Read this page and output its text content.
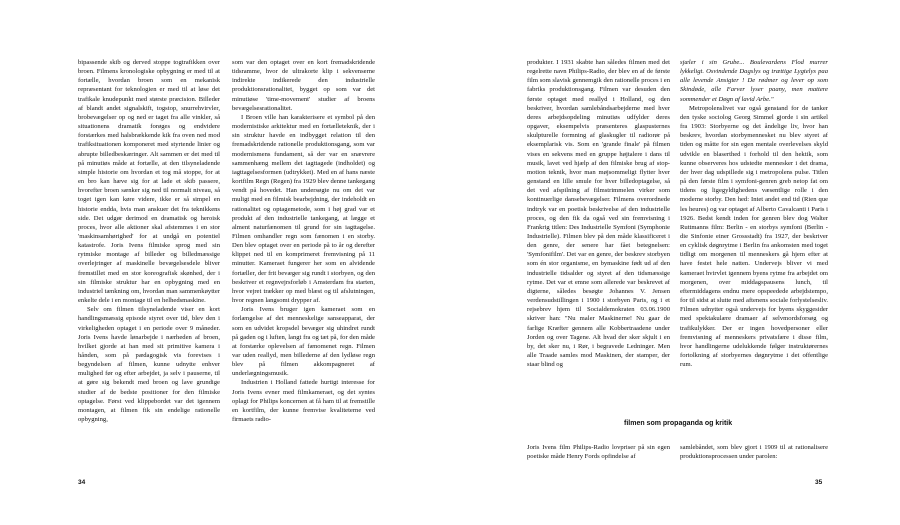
bipassende skib og derved stoppe togtrafikken over broen. Filmens kronologiske opbygning er med til at fortælle, hvordan broen som en mekanisk repræsentant for teknologien er med til at løse det trafikale knudepunkt med største præcision. Billeder af blandt andet signalskift, togstop, snurrehvirvler, brobevægelser op og ned er taget fra alle vinkler, så situationens dramatik forøges og endvidere forstærkes med halsbrækkende kik fra oven ned mod trafiksituationen komponeret med styrtende linier og abrupte billedbeskæringer. Alt sammen er det med til på minutiøs måde at fortælle, at den tilsyneladende simple historie om hvordan et tog må stoppe, for at en bro kan hæve sig for at lade et skib passere, hvorefter broen sænker sig ned til normalt niveau, så toget igen kan køre videre, ikke er så simpel en historie endda, hvis man anskuer det fra teknikkens side. Det udgør derimod en dramatisk og heroisk proces, hvor alle aktioner skal afstemmes i en stor 'maskinsamhørighed' for at undgå en potentiel katastrofe. Joris Ivens filmiske sprog med sin rytmiske montage af billeder og billedmæssige overlejringer af maskinelle bevægelsesdele bliver fremstillet med en stor koreografisk skønhed, der i sin filmiske struktur har en opbygning med en industriel tænkning om, hvordan man sammenkøytter enkelte dele i en montage til en helhedsmaskine.

Selv om filmen tilsyneladende viser en kort handlingsmæssig episode styret over tid, blev den i virkeligheden optaget i en periode over 9 måneder. Joris Ivens havde lønarbejde i nærheden af broen, hvilket gjorde at han med sit primitive kamera i hånden, som på pædagogisk vis forevises i begyndelsen af filmen, kunne udnytte enhver mulighed før og efter arbejdet, ja selv i pauserne, til at gøre sig bekendt med broen og lave grundige studier af de bedste positioner for den filmiske optagelse. Først ved klippebordet var det igennem montagen, at filmen fik sin endelige rationelle opbygning,

som var den optaget over en kort fremadskridende tidsramme, hvor de ultrakorte klip i sekvenserne indirekte indikerede den industrielle produktionsrationalitet, bygget op som var det minutiøse 'time-movement' studier af broens bevægelsesrationalitet.

I Broen ville han karakterisere et symbol på den modernistiske arkitektur med en fortælleteknik, der i sin struktur havde en indbygget relation til den fremadskridende rationelle produktionsgang, som var modernismens fundament, så der var en snævrere sammenhæng mellem det iagttagede (indholdet) og iagttagelsesformen (udtrykket). Med en af hans næste kortfilm Regn (Regen) fra 1929 blev denne tankegang vendt på hovedet. Han undersøgte nu om det var muligt med en filmisk bearbejdning, der indeholdt en rationalitet og optagemetode, som i høj grad var et produkt af den industrielle tankegang, at lægge et alment naturfænomen til grund for sin iagttagelse. Filmen omhandler regn som fænomen i en storby. Den blev optaget over en periode på to år og derefter klippet ned til en komprimeret fremvisning på 11 minutter. Kameraet fungerer her som en alvidende fortæller, der frit bevæger sig rundt i storbyen, og den beskriver et regnvejrsforløb i Amsterdam fra starten, hvor vejret trækker op med blæst og til afslutningen, hvor regnen langsomt drypper af.

Joris Ivens bruger igen kameraet som en forlængelse af det menneskelige sanseapparat, der som en udvidet kropsdel bevæger sig uhindret rundt på gaden og i luften, langt fra og tæt på, for den måde at forstærke oplevelsen af fænomenet regn. Filmen var uden reallyd, men billederne af den lydløse regn blev på filmen akkompagneret af underlægningsmusik.

Industrien i Holland fattede hurtigt interesse for Joris Ivens evner med filmkameraet, og det syntes oplagt for Philips koncernen at få ham til at fremstille en kortfilm, der kunne fremvise kvaliteterne ved firmaets radio-

34

produkter. I 1931 skabte han således filmen med det regelrette navn Philips-Radio, der blev en af de første film som slavisk gennemgik den rationelle proces i en fabriks produktionsgang. Filmen var desuden den første optaget med reallyd i Holland, og den beskriver, hvordan samlebåndsarbejderne med hver deres arbejdsopdeling minutiøs udfylder deres opgaver, eksempelvis præsenteres glaspusternes skulpturelle formning af glaskugler til radiorør på eksemplarisk vis. Som en 'grande finale' på filmen vises en sekvens med en gruppe højtalere i dans til musik, lavet ved hjælp af den filmiske brug af stop-motion teknik, hvor man møjsommeligt flytter hver genstand en lille smule for hver billedoptagelse, så det ved afspilning af filmstrimmelen virker som kontinuerlige dansebevægelser. Filmens overordnede indtryk var en poetisk beskrivelse af den industrielle proces, og den fik da også ved sin fremvisning i Frankrig titlen: Des Industrielle Symfoni (Symphonie Industrielle). Filmen blev på den måde klassificeret i den genre, der senere har fået betegnelsen: 'Symfonifilm'. Det var en genre, der beskrev storbyen som én stor organisme, en bymaskine født ud af den industrielle tidsalder og styret af den tidsmæssige rytme. Det var et emne som allerede var beskrevet af digterne, således besøgte Johannes V. Jensen verdensudstillingen i 1900 i storbyen Paris, og i et rejsebrev hjem til Socialdemokraten 03.06.1900 skriver han: "Nu maler Maskinerne! Nu gaar de farlige Kræfter gennem alle Kobbertraadene under Jorden og over Tagene. Alt hvad der sker skjult i en by, det sker nu, i Rør, i begravede Ledninger. Men alle Traade samles mod Maskinen, der stamper, der staar blind og

sjæler i sin Grube... Boulevardens Flod murrer lykkeligt. Osvindende Dagslys og trættige Lygtelys paa alle levende Ansigter ! De rødmer og lever op som Skindøde, alle Farver lyser paany, men mattere sommender et Døgn af lavid Arbe."

Metropolenslivet var også genstand for de tanker den tyske sociolog Georg Simmel gjorde i sin artikel fra 1903: Storbyerne og det åndelige liv, hvor han beskrev, hvordan storbymennesket nu blev styret af tiden og måtte for sin egen mentale overlevelses skyld udvikle en blaserthed i forhold til den hektik, som kunne observeres hos udstedte mennesker i det drama, der hver dag udspillede sig i metropolens pulse. Titlen på den første film i symfoni-genren greb netop fat om tidens og ligegyldighedens væsentlige rolle i den moderne storby. Den hed: Intet andet end tid (Rien que les heures) og var optaget af Alberto Cavalcanti i Paris i 1926. Bedst kendt inden for genren blev dog Walter Ruttmanns film: Berlin - en storbys symfoni (Berlin - die Sinfonie einer Grossstadt) fra 1927, der beskriver en cyklisk døgnrytme i Berlin fra ankomsten med toget tidligt om morgenen til menneskers gå hjem efter at have festet hele natten. Undervejs bliver vi med kameraet hvirvlet igennem byens rytme fra arbejdet om morgenen, over middagspausens lunch, til eftermiddagens endnu mere opspeedede arbejdstempo, for til sidst at slutte med aftenens sociale forlystelsesliv. Filmen udnytter også undervejs for byens skyggesider med spektakulære dramaer af selvmordsforsøg og trafikulykker. Der er ingen hovedpersoner eller fremvisning af menneskers privatsfære i disse film, hvor handlingerne udelukkende følger instruktørernes fortolkning af storbyernes døgnrytme i det offentlige rum.

filmen som propaganda og kritik
Joris Ivens film Philips-Radio lovpriser på sin egen poetiske måde Henry Fords opfindelse af
samlebåndet, som blev gjort i 1909 til at rationalisere produktionsprocessen under parolen:
35
